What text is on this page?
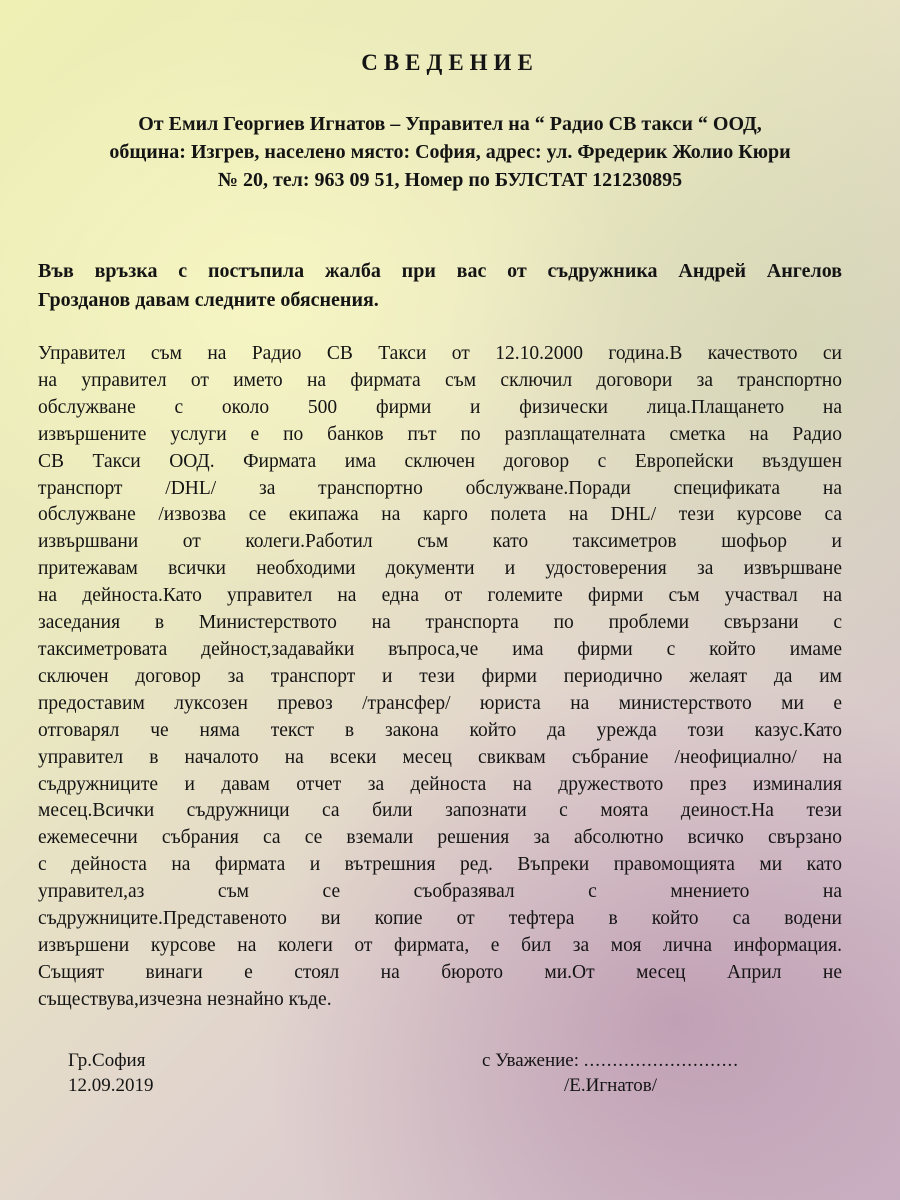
СВЕДЕНИЕ
От Емил Георгиев Игнатов – Управител на “ Радио СВ такси “ ООД,
община: Изгрев, населено място: София, адрес: ул. Фредерик Жолио Кюри
№ 20, тел: 963 09 51, Номер по БУЛСТАТ 121230895
Във връзка с постъпила жалба при вас от съдружника Андрей Ангелов
Грозданов давам следните обяснения.
Управител съм на Радио СВ Такси от 12.10.2000 година.В качеството си
на управител от името на фирмата съм сключил договори за транспортно
обслужване с около 500 фирми и физически лица.Плащането на
извършените услуги е по банков път по разплащателната сметка на Радио
СВ Такси ООД. Фирмата има сключен договор с Европейски въздушен
транспорт /DHL/ за транспортно обслужване.Поради спецификата на
обслужване /извозва се екипажа на карго полета на DHL/ тези курсове са
извършвани от колеги.Работил съм като таксиметров шофьор и
притежавам всички необходими документи и удостоверения за извършване
на дейноста.Като управител на една от големите фирми съм участвал на
заседания в Министерството на транспорта по проблеми свързани с
таксиметровата дейност,задавайки въпроса,че има фирми с който имаме
сключен договор за транспорт и тези фирми периодично желаят да им
предоставим луксозен превоз /трансфер/ юриста на министерството ми е
отговарял че няма текст в закона който да урежда този казус.Като
управител в началото на всеки месец свиквам събрание /неофициално/ на
съдружниците и давам отчет за дейноста на дружеството през изминалия
месец.Всички съдружници са били запознати с моята деиност.На тези
ежемесечни събрания са се вземали решения за абсолютно всичко свързано
с дейноста на фирмата и вътрешния ред. Въпреки правомощията ми като
управител,аз съм се съобразявал с мнението на
съдружниците.Представеното ви копие от тефтера в който са водени
извършени курсове на колеги от фирмата, е бил за моя лична информация.
Същият винаги е стоял на бюрото ми.От месец Април не
съществува,изчезна незнайно къде.
Гр.София
12.09.2019
с Уважение: ...........................
/Е.Игнатов/
